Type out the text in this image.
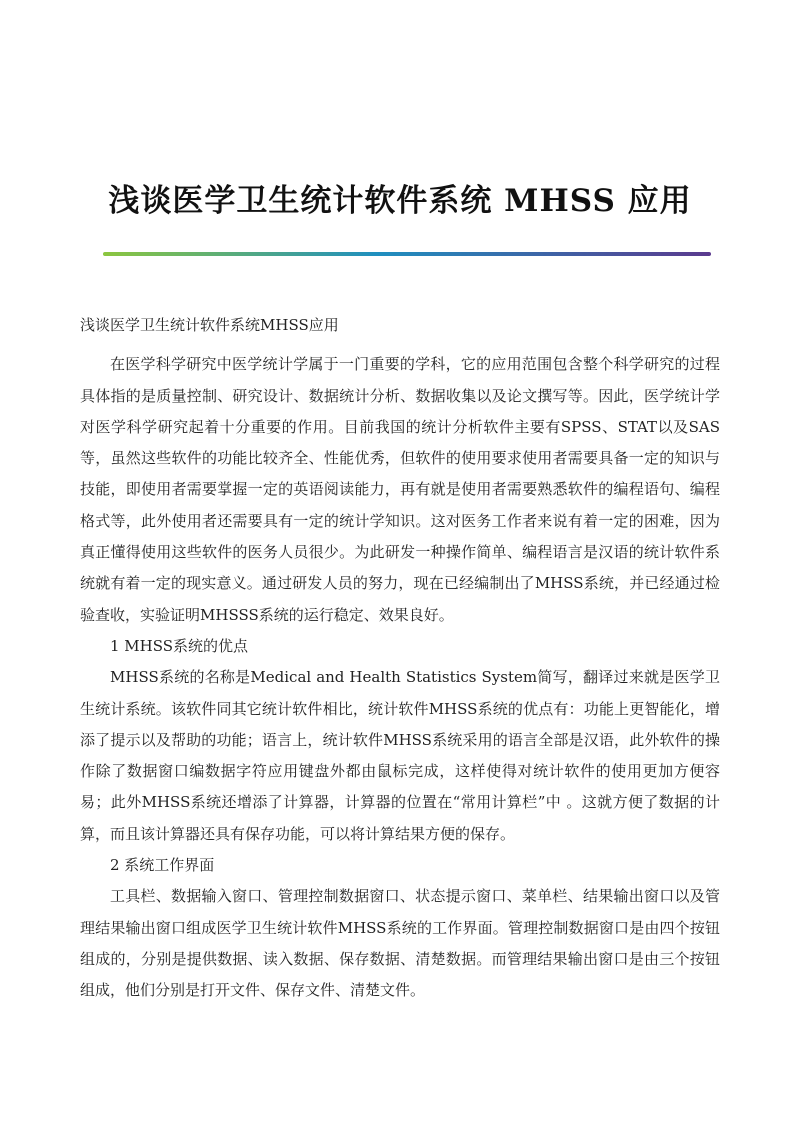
浅谈医学卫生统计软件系统 MHSS 应用

浅谈医学卫生统计软件系统MHSS应用

在医学科学研究中医学统计学属于一门重要的学科，它的应用范围包含整个科学研究的过程具体指的是质量控制、研究设计、数据统计分析、数据收集以及论文撰写等。因此，医学统计学对医学科学研究起着十分重要的作用。目前我国的统计分析软件主要有SPSS、STAT以及SAS等，虽然这些软件的功能比较齐全、性能优秀，但软件的使用要求使用者需要具备一定的知识与技能，即使用者需要掌握一定的英语阅读能力，再有就是使用者需要熟悉软件的编程语句、编程格式等，此外使用者还需要具有一定的统计学知识。这对医务工作者来说有着一定的困难，因为真正懂得使用这些软件的医务人员很少。为此研发一种操作简单、编程语言是汉语的统计软件系统就有着一定的现实意义。通过研发人员的努力，现在已经编制出了MHSS系统，并已经通过检验查收，实验证明MHSSS系统的运行稳定、效果良好。

1 MHSS系统的优点

MHSS系统的名称是Medical and Health Statistics System简写，翻译过来就是医学卫生统计系统。该软件同其它统计软件相比，统计软件MHSS系统的优点有：功能上更智能化，增添了提示以及帮助的功能；语言上，统计软件MHSS系统采用的语言全部是汉语，此外软件的操作除了数据窗口编数据字符应用键盘外都由鼠标完成，这样使得对统计软件的使用更加方便容易；此外MHSS系统还增添了计算器，计算器的位置在“常用计算栏”中 。这就方便了数据的计算，而且该计算器还具有保存功能，可以将计算结果方便的保存。

2 系统工作界面

工具栏、数据输入窗口、管理控制数据窗口、状态提示窗口、菜单栏、结果输出窗口以及管理结果输出窗口组成医学卫生统计软件MHSS系统的工作界面。管理控制数据窗口是由四个按钮组成的，分别是提供数据、读入数据、保存数据、清楚数据。而管理结果输出窗口是由三个按钮组成，他们分别是打开文件、保存文件、清楚文件。
